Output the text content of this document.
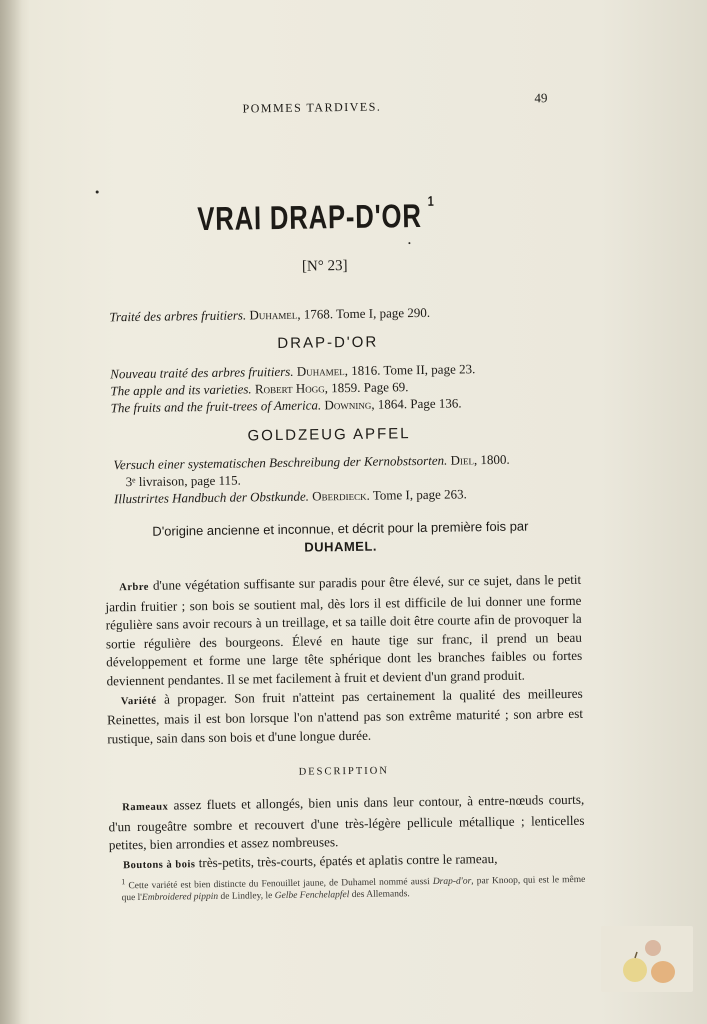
POMMES TARDIVES.
49
VRAI DRAP-D'OR $^1$
[N° 23]
Traité des arbres fruitiers. Duhamel, 1768. Tome I, page 290.
DRAP-D'OR
Nouveau traité des arbres fruitiers. Duhamel, 1816. Tome II, page 23.
The apple and its varieties. Robert Hogg, 1859. Page 69.
The fruits and the fruit-trees of America. Downing, 1864. Page 136.
GOLDZEUG APFEL
Versuch einer systematischen Beschreibung der Kernobstsorten. Diel, 1800.
3ᵉ livraison, page 115.
Illustrirtes Handbuch der Obstkunde. Oberdieck. Tome I, page 263.
D'origine ancienne et inconnue, et décrit pour la première fois par
DUHAMEL.

Arbre d'une végétation suffisante sur paradis pour être élevé, sur ce sujet, dans le petit jardin fruitier ; son bois se soutient mal, dès lors il est difficile de lui donner une forme régulière sans avoir recours à un treillage, et sa taille doit être courte afin de provoquer la sortie régulière des bourgeons. Élevé en haute tige sur franc, il prend un beau développement et forme une large tête sphérique dont les branches faibles ou fortes deviennent pendantes. Il se met facilement à fruit et devient d'un grand produit.

Variété à propager. Son fruit n'atteint pas certainement la qualité des meilleures Reinettes, mais il est bon lorsque l'on n'attend pas son extrême maturité ; son arbre est rustique, sain dans son bois et d'une longue durée.

DESCRIPTION

Rameaux assez fluets et allongés, bien unis dans leur contour, à entre-nœuds courts, d'un rougeâtre sombre et recouvert d'une très-légère pellicule métallique ; lenticelles petites, bien arrondies et assez nombreuses.

Boutons à bois très-petits, très-courts, épatés et aplatis contre le rameau,

$^1$ Cette variété est bien distincte du Fenouillet jaune, de Duhamel nommé aussi Drap-d'or, par Knoop, qui est le même que l'Embroidered pippin de Lindley, le Gelbe Fenchelapfel des Allemands.
